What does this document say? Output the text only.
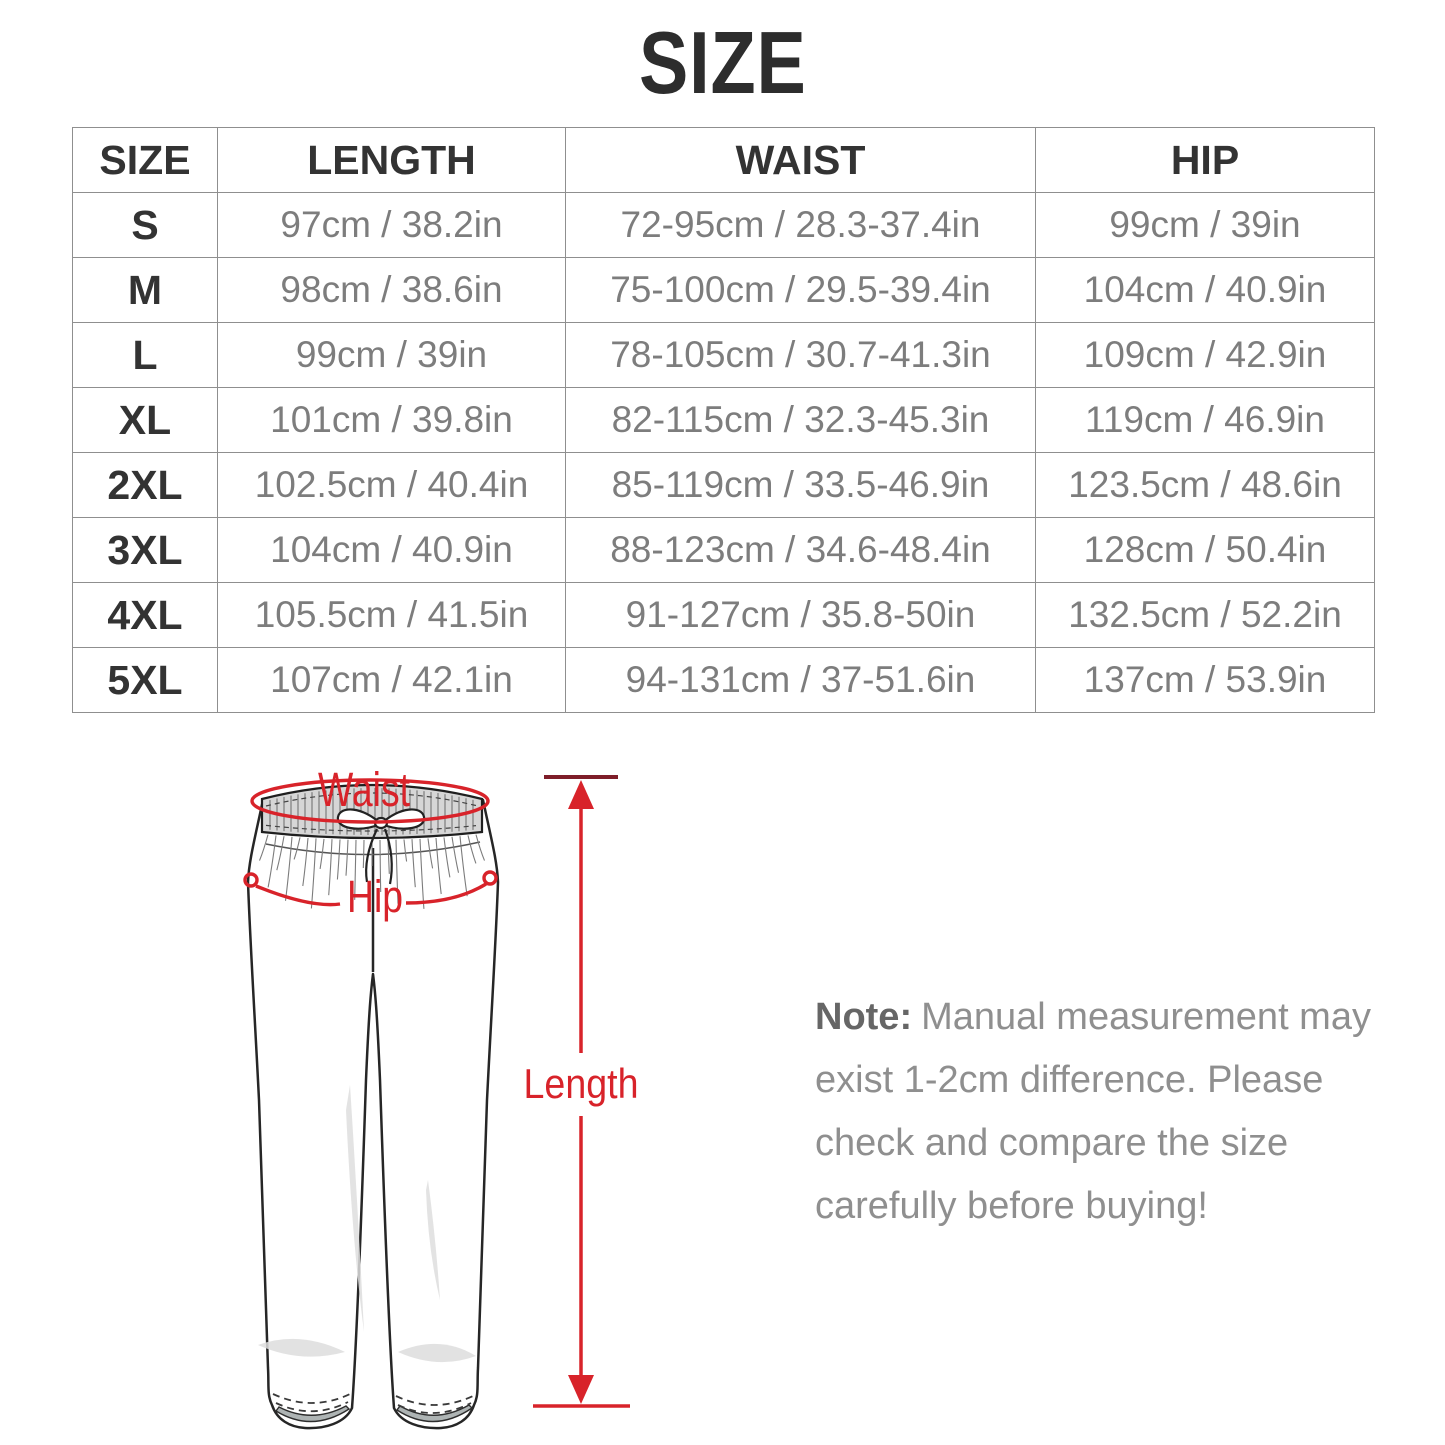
SIZE
SIZE	LENGTH	WAIST	HIP
S	97cm / 38.2in	72-95cm / 28.3-37.4in	99cm / 39in
M	98cm / 38.6in	75-100cm / 29.5-39.4in	104cm / 40.9in
L	99cm / 39in	78-105cm / 30.7-41.3in	109cm / 42.9in
XL	101cm / 39.8in	82-115cm / 32.3-45.3in	119cm / 46.9in
2XL	102.5cm / 40.4in	85-119cm / 33.5-46.9in	123.5cm / 48.6in
3XL	104cm / 40.9in	88-123cm / 34.6-48.4in	128cm / 50.4in
4XL	105.5cm / 41.5in	91-127cm / 35.8-50in	132.5cm / 52.2in
5XL	107cm / 42.1in	94-131cm / 37-51.6in	137cm / 53.9in
Waist
Hip
Length
Note: Manual measurement may
exist 1-2cm difference. Please
check and compare the size
carefully before buying!
